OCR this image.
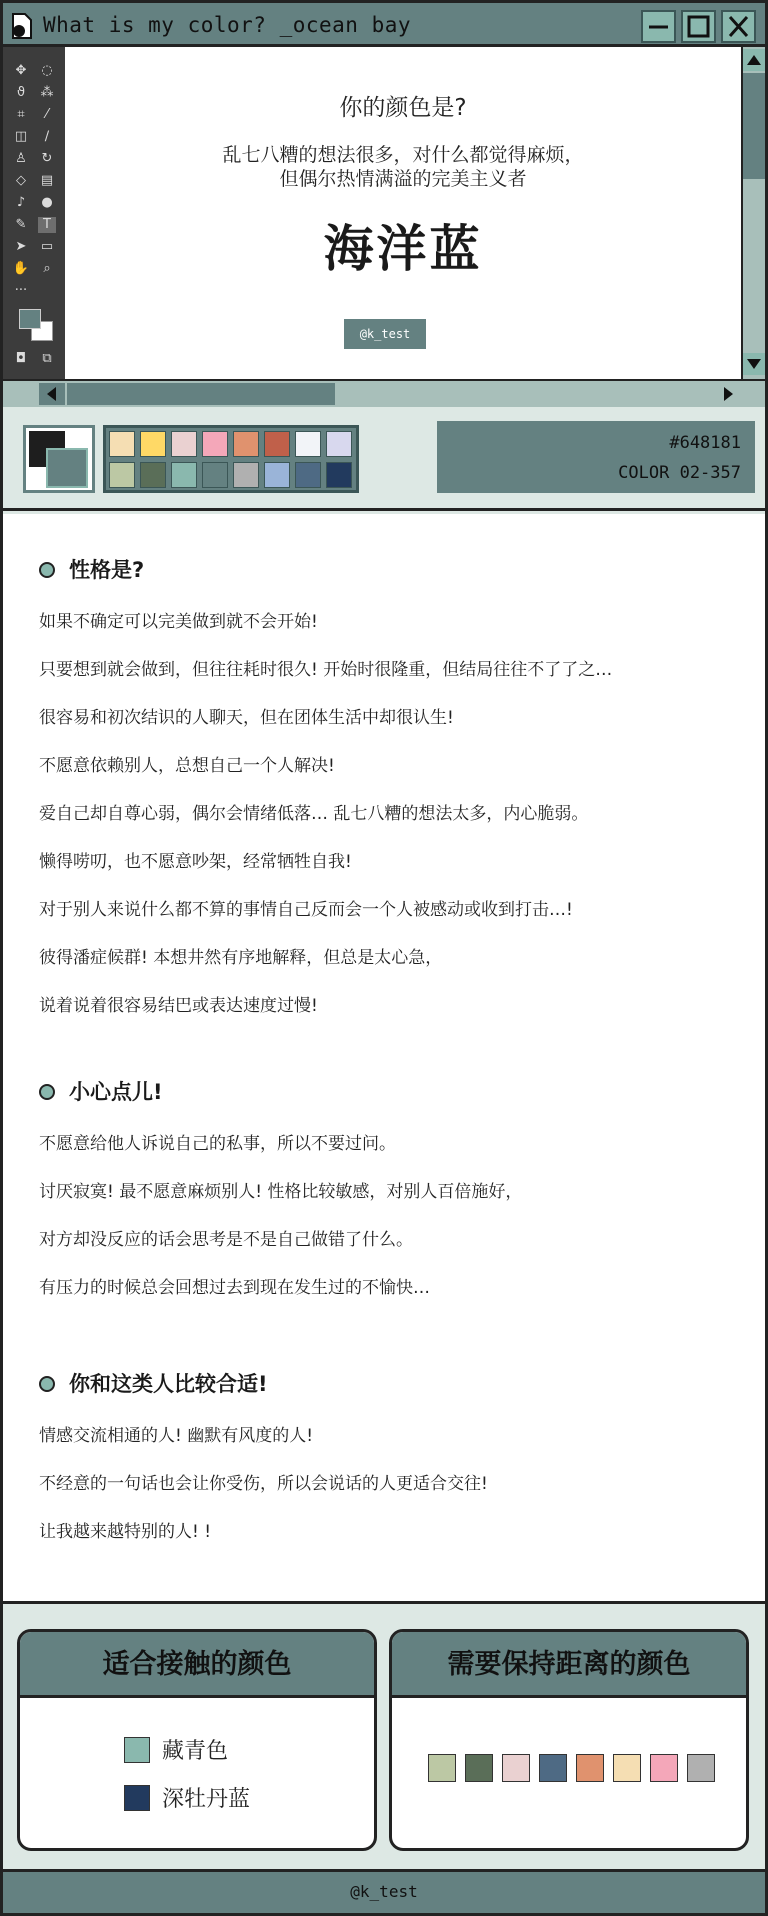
What is my color? _ocean bay
✥ ◌
ϑ	⁂
⌗	⁄
◫	∕
♙ ↻
◇	▤
♪	●
✎	T
➤ ▭
✋	⌕
···
◘	⧉
你的颜色是?
乱七八糟的想法很多，对什么都觉得麻烦，
但偶尔热情满溢的完美主义者
海洋蓝
@k_test
#648181
COLOR 02-357
性格是?
如果不确定可以完美做到就不会开始!
只要想到就会做到，但往往耗时很久! 开始时很隆重，但结局往往不了了之…
很容易和初次结识的人聊天，但在团体生活中却很认生!
不愿意依赖别人，总想自己一个人解决!
爱自己却自尊心弱，偶尔会情绪低落… 乱七八糟的想法太多，内心脆弱。
懒得唠叨，也不愿意吵架，经常牺牲自我!
对于别人来说什么都不算的事情自己反而会一个人被感动或收到打击…!
彼得潘症候群! 本想井然有序地解释，但总是太心急，
说着说着很容易结巴或表达速度过慢!
小心点儿!
不愿意给他人诉说自己的私事，所以不要过问。
讨厌寂寞! 最不愿意麻烦别人! 性格比较敏感，对别人百倍施好，
对方却没反应的话会思考是不是自己做错了什么。
有压力的时候总会回想过去到现在发生过的不愉快…
你和这类人比较合适!
情感交流相通的人! 幽默有风度的人!
不经意的一句话也会让你受伤，所以会说话的人更适合交往!
让我越来越特别的人! !
适合接触的颜色
藏青色
深牡丹蓝
需要保持距离的颜色
@k_test
